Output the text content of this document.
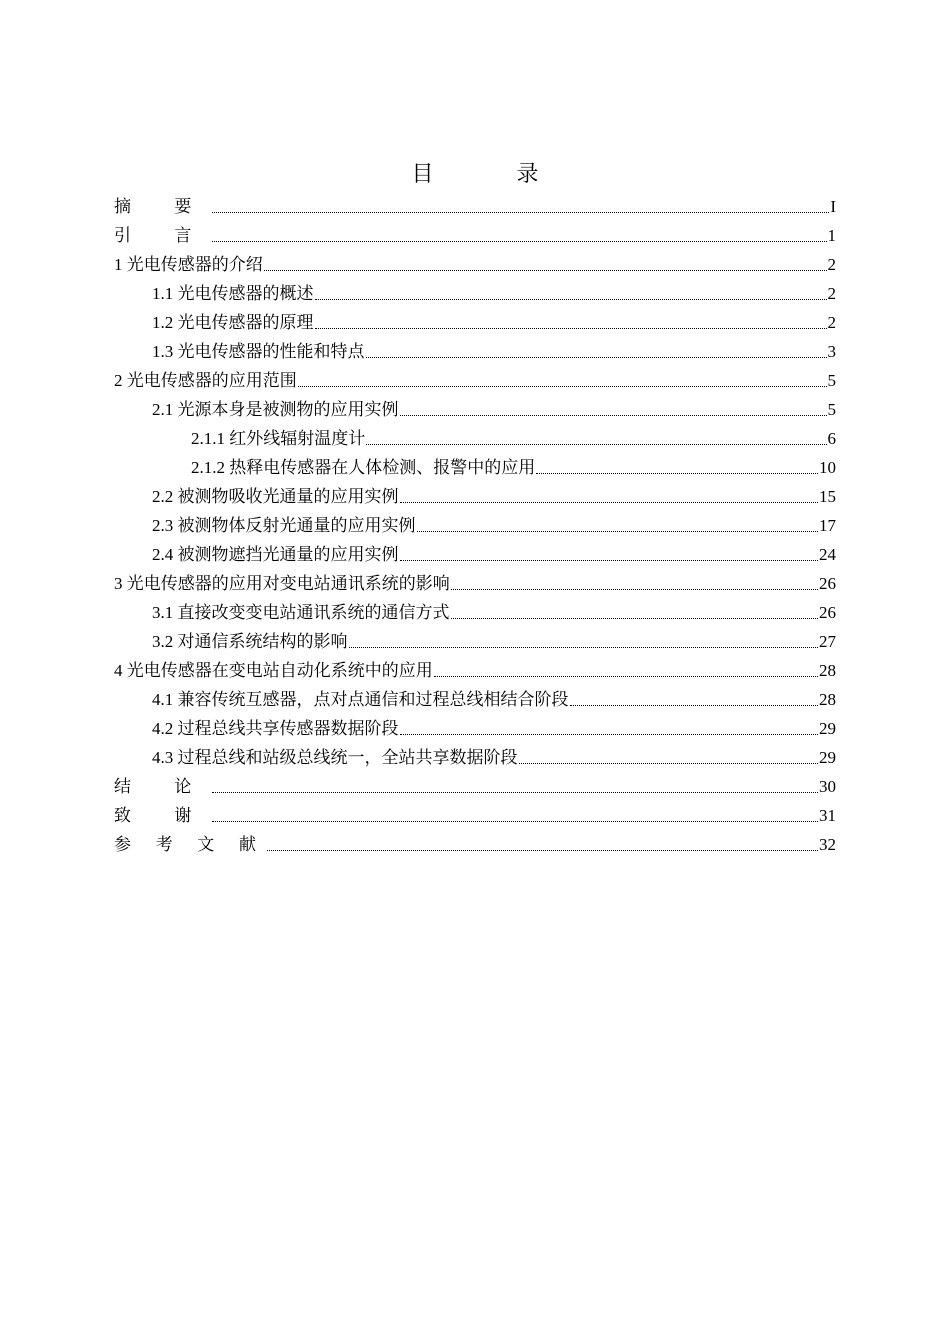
目 录
摘 要	I
引 言	1
1 光电传感器的介绍	2
1.1 光电传感器的概述	2
1.2 光电传感器的原理	2
1.3 光电传感器的性能和特点	3
2 光电传感器的应用范围	5
2.1 光源本身是被测物的应用实例	5
2.1.1 红外线辐射温度计	6
2.1.2 热释电传感器在人体检测、报警中的应用	10
2.2 被测物吸收光通量的应用实例	15
2.3 被测物体反射光通量的应用实例	17
2.4 被测物遮挡光通量的应用实例	24
3 光电传感器的应用对变电站通讯系统的影响	26
3.1 直接改变变电站通讯系统的通信方式	26
3.2 对通信系统结构的影响	27
4 光电传感器在变电站自动化系统中的应用	28
4.1 兼容传统互感器，点对点通信和过程总线相结合阶段	28
4.2 过程总线共享传感器数据阶段	29
4.3 过程总线和站级总线统一，全站共享数据阶段	29
结 论	30
致 谢	31
参 考 文 献	32
